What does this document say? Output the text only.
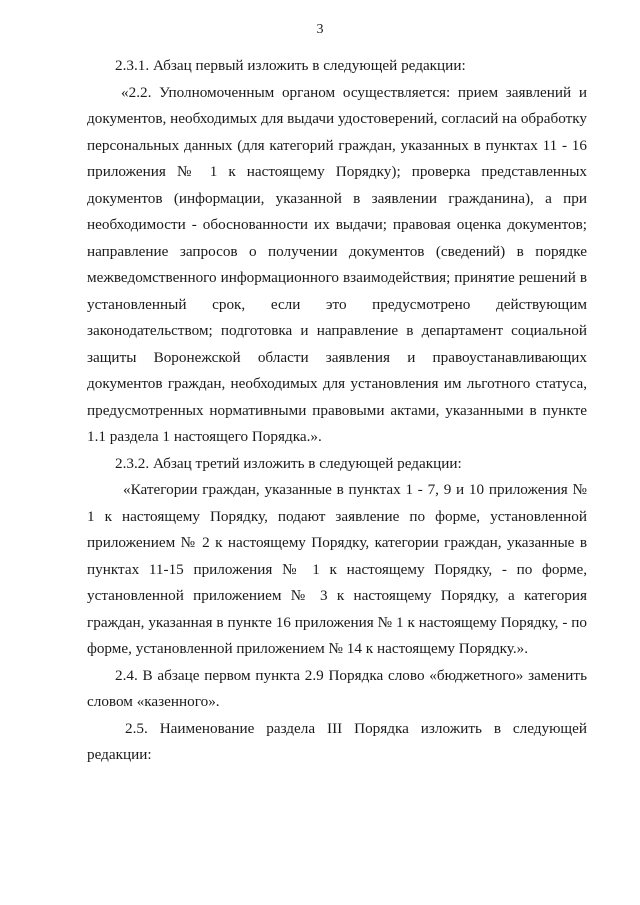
3

2.3.1. Абзац первый изложить в следующей редакции:

«2.2. Уполномоченным органом осуществляется: прием заявлений и документов, необходимых для выдачи удостоверений, согласий на обработку персональных данных (для категорий граждан, указанных в пунктах 11 - 16 приложения № 1 к настоящему Порядку); проверка представленных документов (информации, указанной в заявлении гражданина), а при необходимости - обоснованности их выдачи; правовая оценка документов; направление запросов о получении документов (сведений) в порядке межведомственного информационного взаимодействия; принятие решений в установленный срок, если это предусмотрено действующим законодательством; подготовка и направление в департамент социальной защиты Воронежской области заявления и правоустанавливающих документов граждан, необходимых для установления им льготного статуса, предусмотренных нормативными правовыми актами, указанными в пункте 1.1 раздела 1 настоящего Порядка.».

2.3.2. Абзац третий изложить в следующей редакции:

«Категории граждан, указанные в пунктах 1 - 7, 9 и 10 приложения № 1 к настоящему Порядку, подают заявление по форме, установленной приложением № 2 к настоящему Порядку, категории граждан, указанные в пунктах 11-15 приложения № 1 к настоящему Порядку, - по форме, установленной приложением № 3 к настоящему Порядку, а категория граждан, указанная в пункте 16 приложения № 1 к настоящему Порядку, - по форме, установленной приложением № 14 к настоящему Порядку.».

2.4. В абзаце первом пункта 2.9 Порядка слово «бюджетного» заменить словом «казенного».

2.5. Наименование раздела III Порядка изложить в следующей редакции:
